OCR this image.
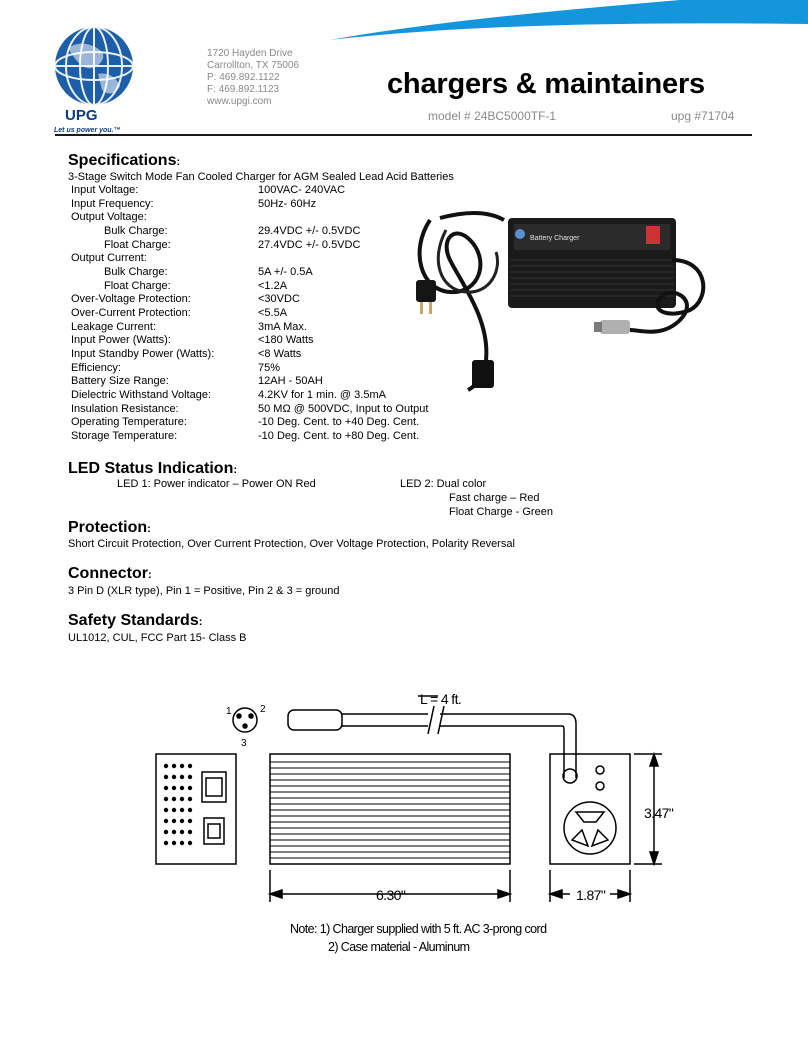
UPG
Let us power you.™
1720 Hayden Drive
Carrollton, TX 75006
P: 469.892.1122
F: 469.892.1123
www.upgi.com
chargers & maintainers
model # 24BC5000TF-1	upg #71704
Specifications:
3-Stage Switch Mode Fan Cooled Charger for AGM Sealed Lead Acid Batteries
Input Voltage:	100VAC- 240VAC
Input Frequency:	50Hz- 60Hz
Output Voltage:
Bulk Charge:	29.4VDC +/- 0.5VDC
Float Charge:	27.4VDC +/- 0.5VDC
Output Current:
Bulk Charge:	5A +/- 0.5A
Float Charge:	<1.2A
Over-Voltage Protection:	<30VDC
Over-Current Protection:	<5.5A
Leakage Current:	3mA Max.
Input Power (Watts):	<180 Watts
Input Standby Power (Watts):	<8 Watts
Efficiency:	75%
Battery Size Range:	12AH - 50AH
Dielectric Withstand Voltage:	4.2KV for 1 min. @ 3.5mA
Insulation Resistance:	50 MΩ @ 500VDC, Input to Output
Operating Temperature:	-10 Deg. Cent. to +40 Deg. Cent.
Storage Temperature:	-10 Deg. Cent. to +80 Deg. Cent.
Battery Charger
LED Status Indication:
LED 1: Power indicator – Power ON Red	LED 2: Dual color
Fast charge – Red
Float Charge - Green
Protection:
Short Circuit Protection, Over Current Protection, Over Voltage Protection, Polarity Reversal
Connector:
3 Pin D (XLR type), Pin 1 = Positive, Pin 2 & 3 = ground
Safety Standards:
UL1012, CUL, FCC Part 15- Class B
1	2
3
L = 4 ft.
3.47"
6.30"	1.87"
Note: 1) Charger supplied with 5 ft. AC 3-prong cord
2) Case material - Aluminum
